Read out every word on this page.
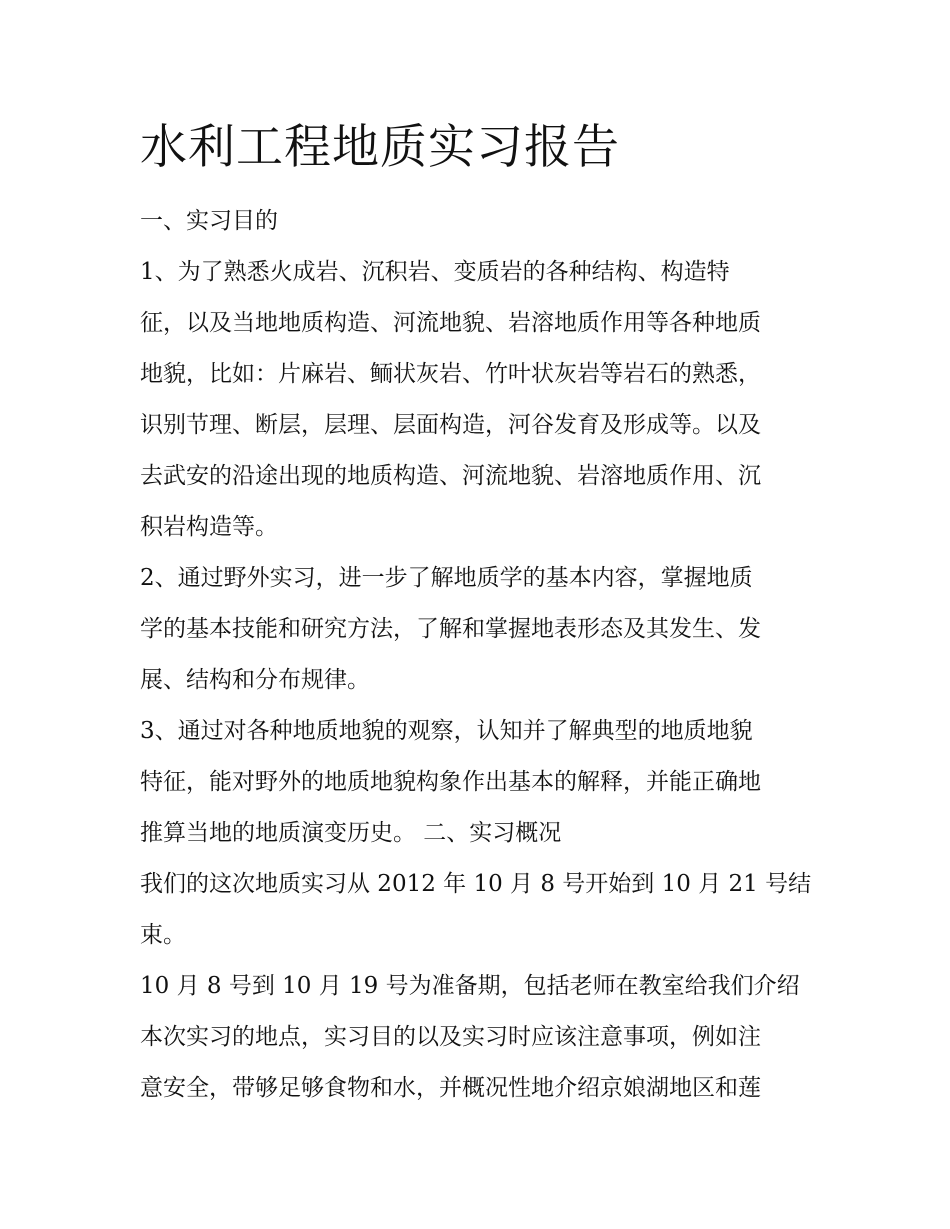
水利工程地质实习报告
一、实习目的
1、为了熟悉火成岩、沉积岩、变质岩的各种结构、构造特
征，以及当地地质构造、河流地貌、岩溶地质作用等各种地质
地貌，比如：片麻岩、鲕状灰岩、竹叶状灰岩等岩石的熟悉，
识别节理、断层，层理、层面构造，河谷发育及形成等。以及
去武安的沿途出现的地质构造、河流地貌、岩溶地质作用、沉
积岩构造等。
2、通过野外实习，进一步了解地质学的基本内容，掌握地质
学的基本技能和研究方法，了解和掌握地表形态及其发生、发
展、结构和分布规律。
3、通过对各种地质地貌的观察，认知并了解典型的地质地貌
特征，能对野外的地质地貌构象作出基本的解释，并能正确地
推算当地的地质演变历史。 二、实习概况
我们的这次地质实习从 2012 年 10 月 8 号开始到 10 月 21 号结
束。
10 月 8 号到 10 月 19 号为准备期，包括老师在教室给我们介绍
本次实习的地点，实习目的以及实习时应该注意事项，例如注
意安全，带够足够食物和水，并概况性地介绍京娘湖地区和莲
